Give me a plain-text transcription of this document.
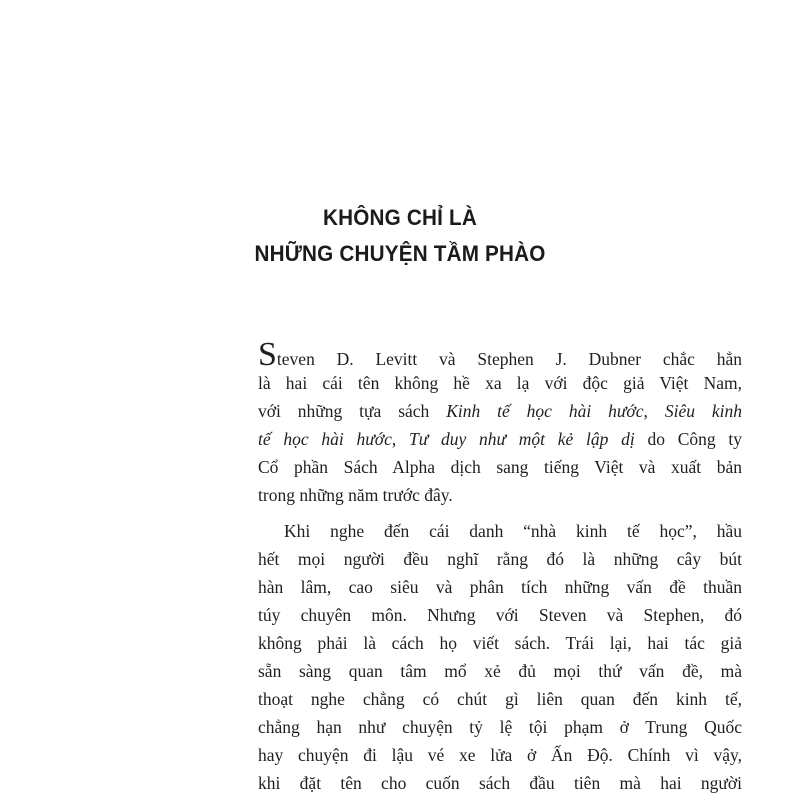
KHÔNG CHỈ LÀ
NHỮNG CHUYỆN TẦM PHÀO
Steven D. Levitt và Stephen J. Dubner chắc hẳn
là hai cái tên không hề xa lạ với độc giả Việt Nam,
với những tựa sách Kinh tế học hài hước, Siêu kinh
tế học hài hước, Tư duy như một kẻ lập dị do Công ty
Cổ phần Sách Alpha dịch sang tiếng Việt và xuất bản
trong những năm trước đây.
Khi nghe đến cái danh “nhà kinh tế học”, hầu
hết mọi người đều nghĩ rằng đó là những cây bút
hàn lâm, cao siêu và phân tích những vấn đề thuần
túy chuyên môn. Nhưng với Steven và Stephen, đó
không phải là cách họ viết sách. Trái lại, hai tác giả
sẵn sàng quan tâm mổ xẻ đủ mọi thứ vấn đề, mà
thoạt nghe chẳng có chút gì liên quan đến kinh tế,
chẳng hạn như chuyện tỷ lệ tội phạm ở Trung Quốc
hay chuyện đi lậu vé xe lửa ở Ấn Độ. Chính vì vậy,
khi đặt tên cho cuốn sách đầu tiên mà hai người
